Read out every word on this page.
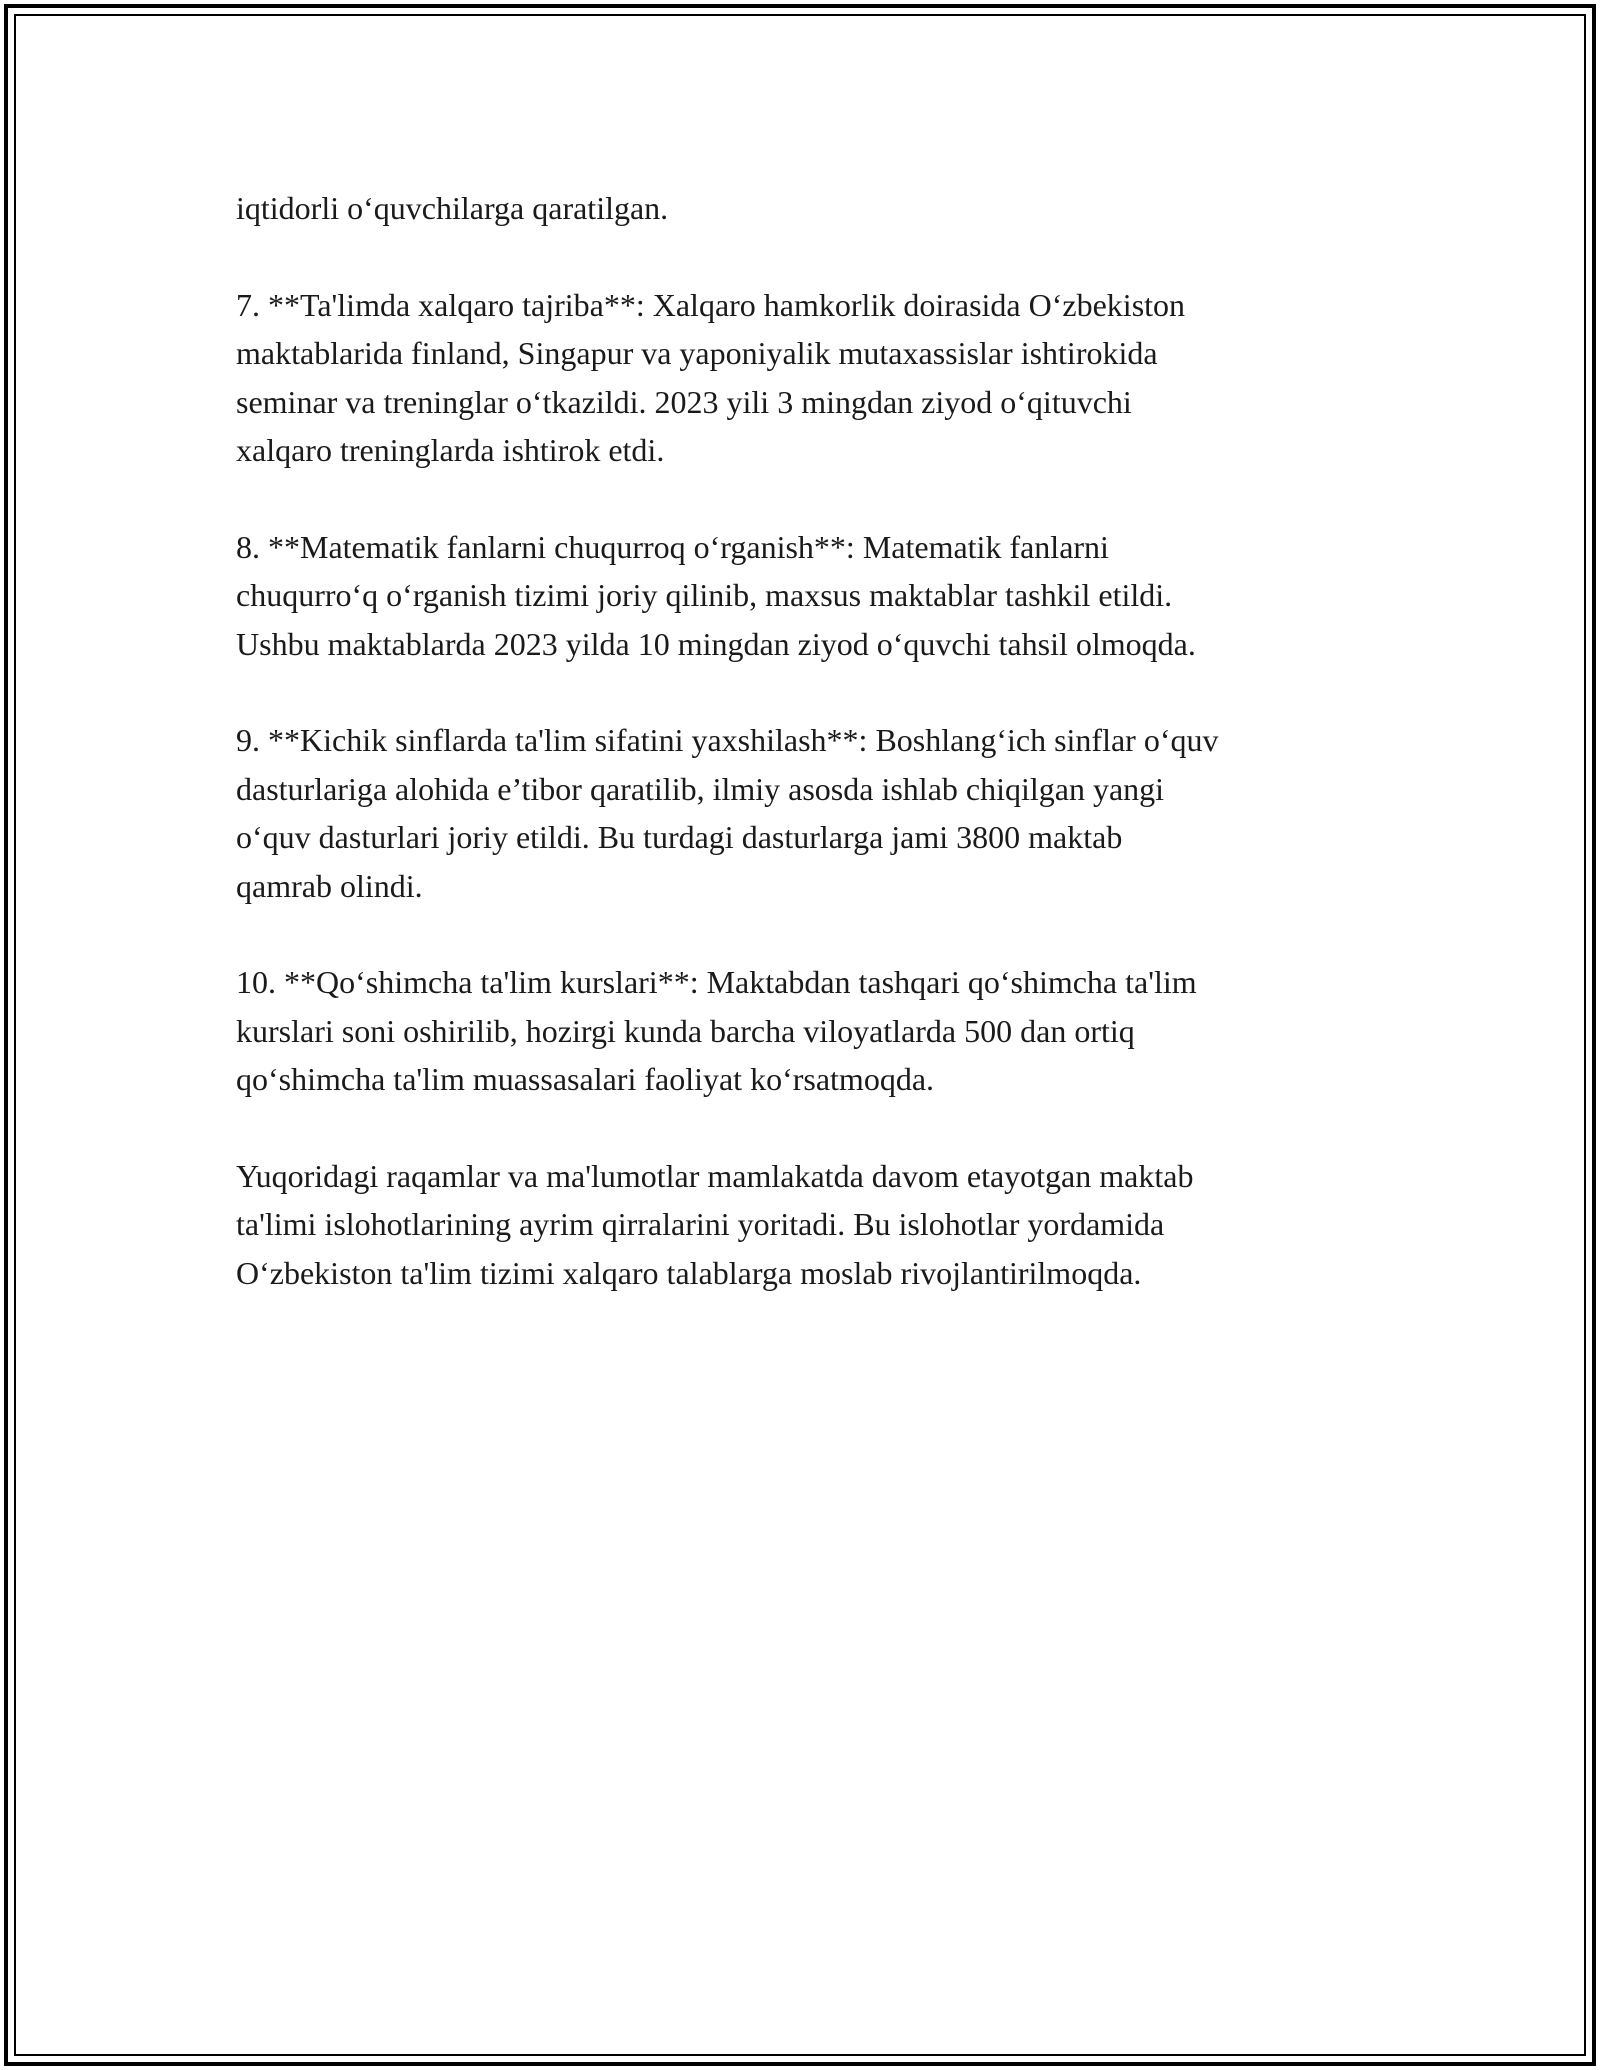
iqtidorli o‘quvchilarga qaratilgan.

7. **Ta'limda xalqaro tajriba**: Xalqaro hamkorlik doirasida O‘zbekiston
maktablarida finland, Singapur va yaponiyalik mutaxassislar ishtirokida
seminar va treninglar o‘tkazildi. 2023 yili 3 mingdan ziyod o‘qituvchi
xalqaro treninglarda ishtirok etdi.

8. **Matematik fanlarni chuqurroq o‘rganish**: Matematik fanlarni
chuqurro‘q o‘rganish tizimi joriy qilinib, maxsus maktablar tashkil etildi.
Ushbu maktablarda 2023 yilda 10 mingdan ziyod o‘quvchi tahsil olmoqda.

9. **Kichik sinflarda ta'lim sifatini yaxshilash**: Boshlang‘ich sinflar o‘quv
dasturlariga alohida e’tibor qaratilib, ilmiy asosda ishlab chiqilgan yangi
o‘quv dasturlari joriy etildi. Bu turdagi dasturlarga jami 3800 maktab
qamrab olindi.

10. **Qo‘shimcha ta'lim kurslari**: Maktabdan tashqari qo‘shimcha ta'lim
kurslari soni oshirilib, hozirgi kunda barcha viloyatlarda 500 dan ortiq
qo‘shimcha ta'lim muassasalari faoliyat ko‘rsatmoqda.

Yuqoridagi raqamlar va ma'lumotlar mamlakatda davom etayotgan maktab
ta'limi islohotlarining ayrim qirralarini yoritadi. Bu islohotlar yordamida
O‘zbekiston ta'lim tizimi xalqaro talablarga moslab rivojlantirilmoqda.
